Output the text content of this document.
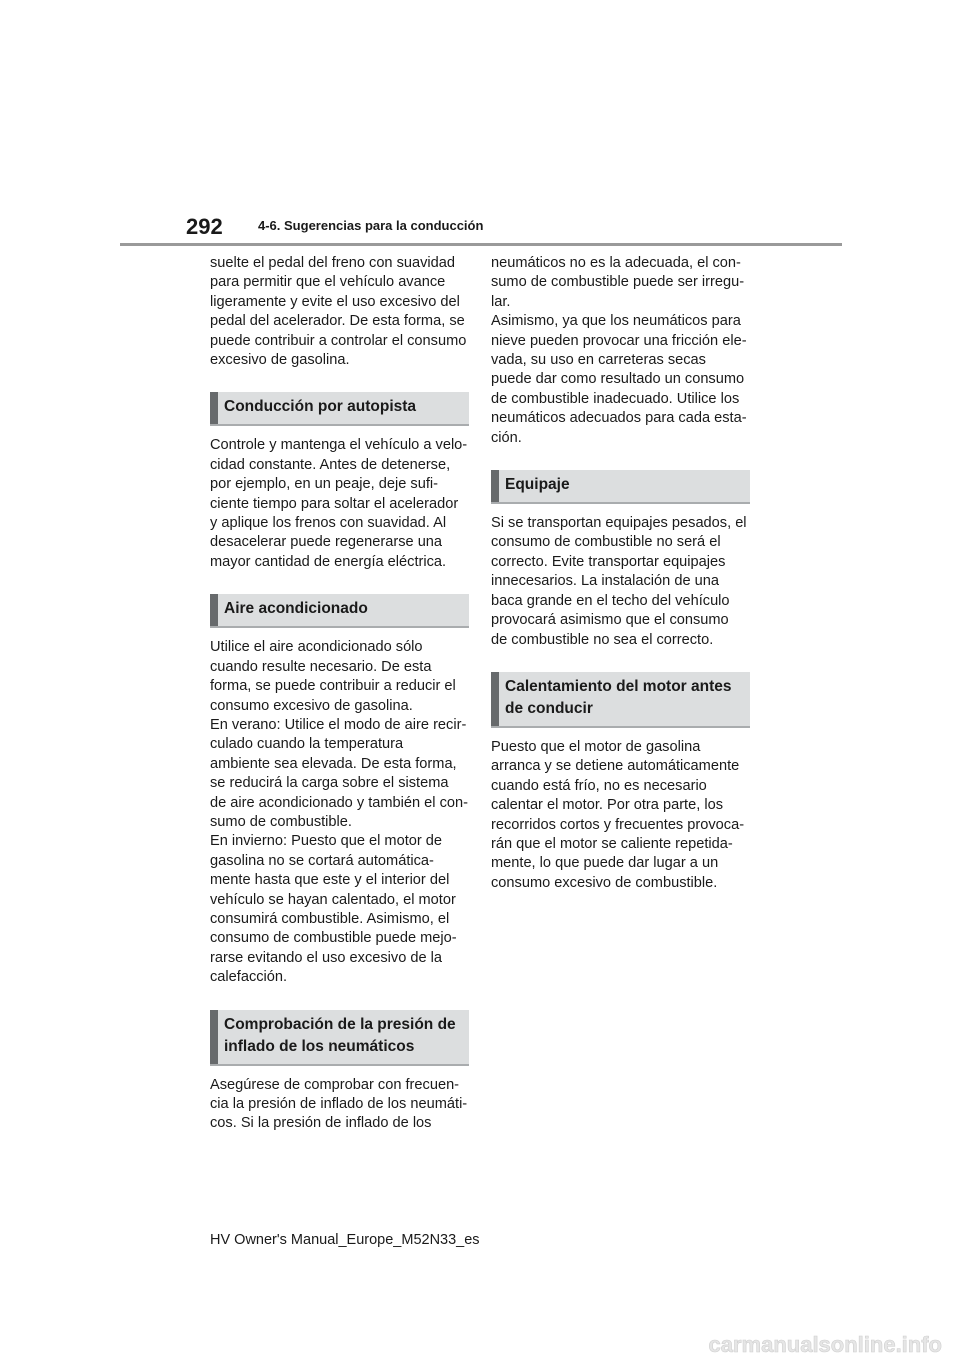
292	4-6. Sugerencias para la conducción

suelte el pedal del freno con suavidad
para permitir que el vehículo avance
ligeramente y evite el uso excesivo del
pedal del acelerador. De esta forma, se
puede contribuir a controlar el consumo
excesivo de gasolina.

Conducción por autopista

Controle y mantenga el vehículo a velo-
cidad constante. Antes de detenerse,
por ejemplo, en un peaje, deje sufi-
ciente tiempo para soltar el acelerador
y aplique los frenos con suavidad. Al
desacelerar puede regenerarse una
mayor cantidad de energía eléctrica.

Aire acondicionado

Utilice el aire acondicionado sólo
cuando resulte necesario. De esta
forma, se puede contribuir a reducir el
consumo excesivo de gasolina.
En verano: Utilice el modo de aire recir-
culado cuando la temperatura
ambiente sea elevada. De esta forma,
se reducirá la carga sobre el sistema
de aire acondicionado y también el con-
sumo de combustible.
En invierno: Puesto que el motor de
gasolina no se cortará automática-
mente hasta que este y el interior del
vehículo se hayan calentado, el motor
consumirá combustible. Asimismo, el
consumo de combustible puede mejo-
rarse evitando el uso excesivo de la
calefacción.

Comprobación de la presión de
inflado de los neumáticos

Asegúrese de comprobar con frecuen-
cia la presión de inflado de los neumáti-
cos. Si la presión de inflado de los

neumáticos no es la adecuada, el con-
sumo de combustible puede ser irregu-
lar.
Asimismo, ya que los neumáticos para
nieve pueden provocar una fricción ele-
vada, su uso en carreteras secas
puede dar como resultado un consumo
de combustible inadecuado. Utilice los
neumáticos adecuados para cada esta-
ción.

Equipaje

Si se transportan equipajes pesados, el
consumo de combustible no será el
correcto. Evite transportar equipajes
innecesarios. La instalación de una
baca grande en el techo del vehículo
provocará asimismo que el consumo
de combustible no sea el correcto.

Calentamiento del motor antes
de conducir

Puesto que el motor de gasolina
arranca y se detiene automáticamente
cuando está frío, no es necesario
calentar el motor. Por otra parte, los
recorridos cortos y frecuentes provoca-
rán que el motor se caliente repetida-
mente, lo que puede dar lugar a un
consumo excesivo de combustible.

HV Owner's Manual_Europe_M52N33_es
carmanualsonline.info
